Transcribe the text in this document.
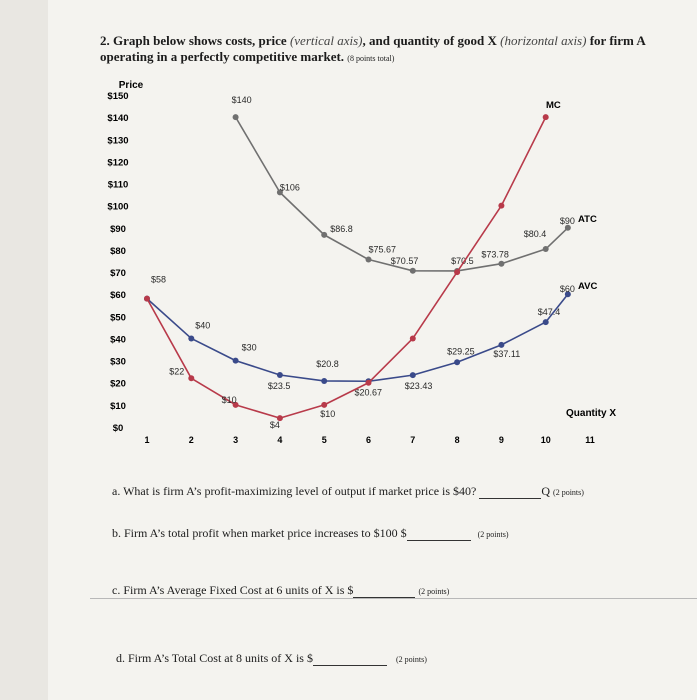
2. Graph below shows costs, price (vertical axis), and quantity of good X (horizontal axis) for firm A
operating in a perfectly competitive market. (8 points total)
Price
$150
$140
$130
$120
$110
$100
$90
$80
$70
$60
$50
$40
$30
$20
$10
$0
1	2	3	4	5	6	7	8	9	10	11
Quantity X
$140
$106
$86.8
$75.67
$70.57	$70.5
$73.78
$80.4
$90
$58
$40
$30
$23.5
$20.8
$20.67
$23.43
$29.25 $37.11
$47.4
$60
$22
$10
$4
$10
MC
ATC
AVC
a. What is firm A’s profit-maximizing level of output if market price is $40?	Q (2 points)
b. Firm A’s total profit when market price increases to $100 $	(2 points)
c. Firm A’s Average Fixed Cost at 6 units of X is $	(2 points)
d. Firm A’s Total Cost at 8 units of X is $	(2 points)
